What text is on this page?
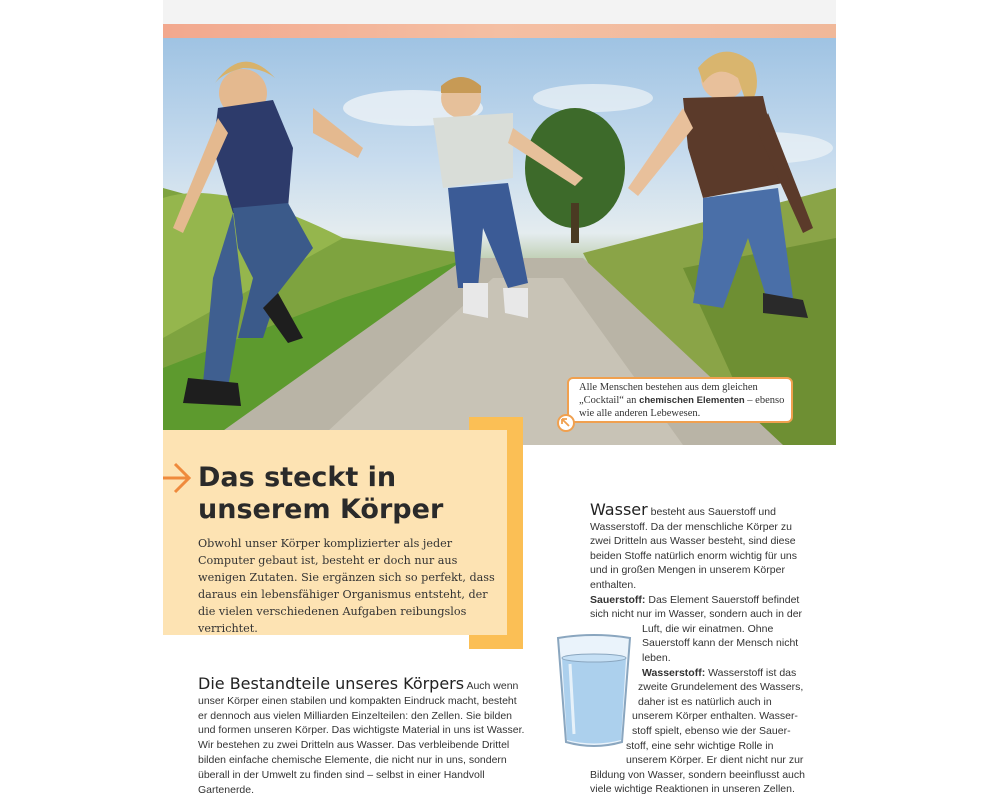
Alle Menschen bestehen aus dem gleichen „Cocktail“ an chemischen Elementen – ebenso wie alle anderen Lebewesen.
Das steckt in
unserem Körper
Obwohl unser Körper komplizierter als jeder Computer gebaut ist, besteht er doch nur aus wenigen Zutaten. Sie ergänzen sich so perfekt, dass daraus ein lebensfähiger Organismus entsteht, der die vielen verschiedenen Aufgaben reibungslos verrichtet.
Die Bestandteile unseres Körpers Auch wenn unser Körper einen stabilen und kompakten Eindruck macht, besteht er dennoch aus vielen Milliarden Einzelteilen: den Zellen. Sie bilden und formen unseren Körper. Das wichtigste Material in uns ist Wasser. Wir bestehen zu zwei Dritteln aus Wasser. Das verbleibende Drittel bilden einfache chemische Elemente, die nicht nur in uns, sondern überall in der Umwelt zu finden sind – selbst in einer Handvoll Gartenerde.

Wasser besteht aus Sauerstoff und Wasserstoff. Da der menschliche Körper zu zwei Dritteln aus Wasser besteht, sind diese beiden Stoffe natürlich enorm wichtig für uns und in großen Mengen in unserem Körper enthalten.

Sauerstoff: Das Element Sauerstoff befindet

sich nicht nur im Wasser, sondern auch in der

Luft, die wir einatmen. Ohne

Sauerstoff kann der Mensch nicht

leben.

Wasserstoff: Wasserstoff ist das

zweite Grundelement des Wassers,

daher ist es natürlich auch in

unserem Körper enthalten. Wasser-

stoff spielt, ebenso wie der Sauer-

stoff, eine sehr wichtige Rolle in

unserem Körper. Er dient nicht nur zur

Bildung von Wasser, sondern beeinflusst auch

viele wichtige Reaktionen in unseren Zellen.
